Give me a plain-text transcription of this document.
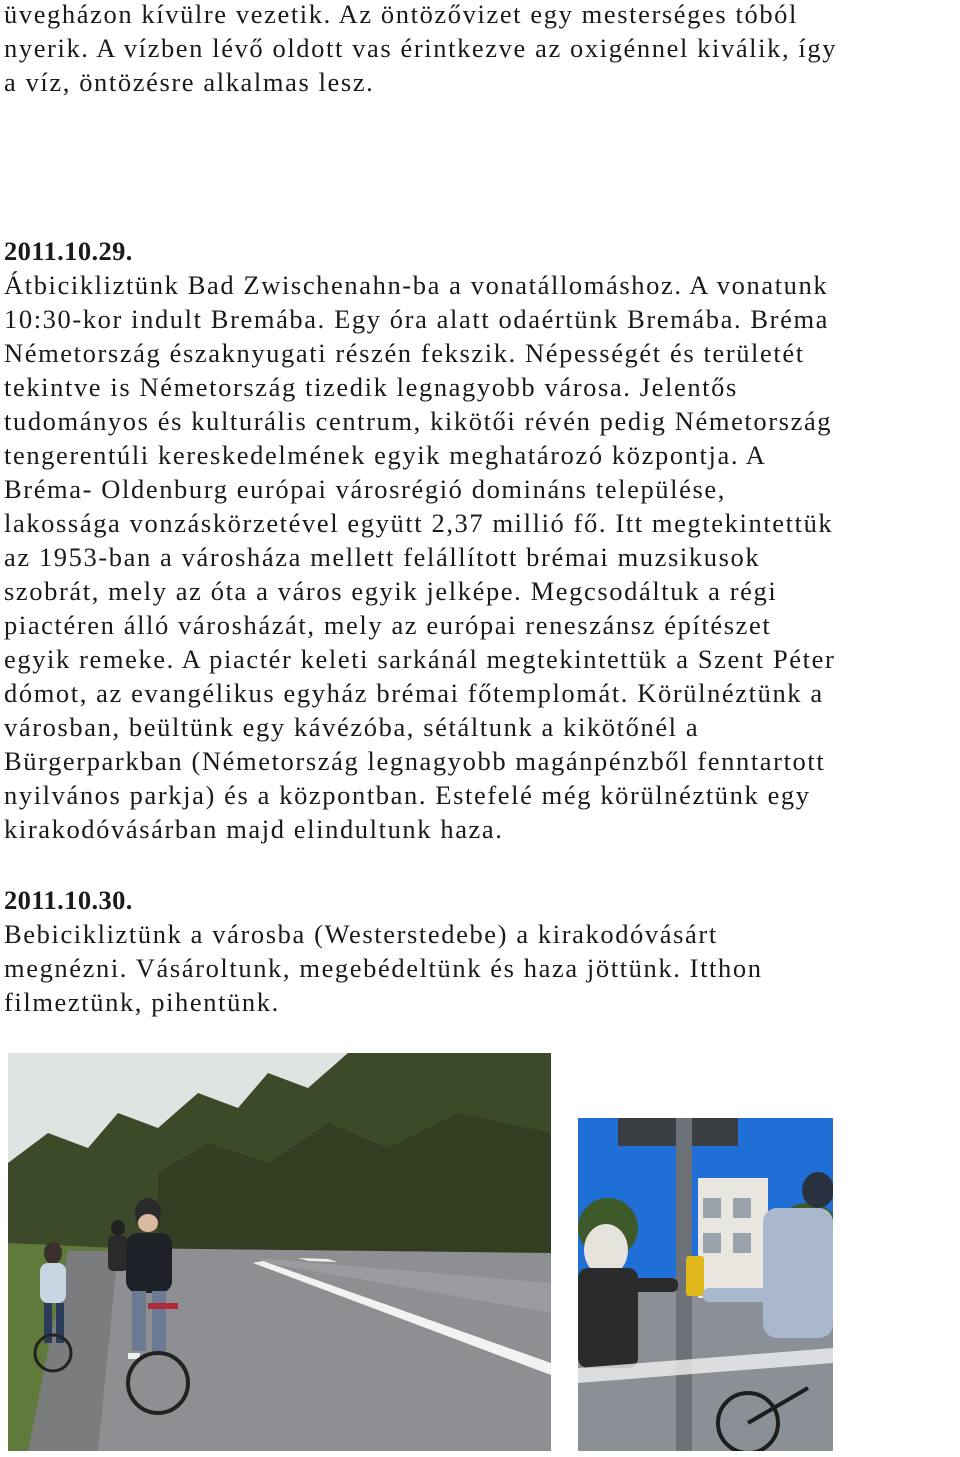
üvegházon kívülre vezetik. Az öntözővizet egy mesterséges tóból
nyerik. A vízben lévő oldott vas érintkezve az oxigénnel kiválik, így
a víz, öntözésre alkalmas lesz.
2011.10.29.
Átbicikliztünk Bad Zwischenahn-ba a vonatállomáshoz. A vonatunk
10:30-kor indult Bremába. Egy óra alatt odaértünk Bremába. Bréma
Németország északnyugati részén fekszik. Népességét és területét
tekintve is Németország tizedik legnagyobb városa. Jelentős
tudományos és kulturális centrum, kikötői révén pedig Németország
tengerentúli kereskedelmének egyik meghatározó központja. A
Bréma- Oldenburg európai városrégió domináns települése,
lakossága vonzáskörzetével együtt 2,37 millió fő. Itt megtekintettük
az 1953-ban a városháza mellett felállított brémai muzsikusok
szobrát, mely az óta a város egyik jelképe. Megcsodáltuk a régi
piactéren álló városházát, mely az európai reneszánsz építészet
egyik remeke. A piactér keleti sarkánál megtekintettük a Szent Péter
dómot, az evangélikus egyház brémai főtemplomát. Körülnéztünk a
városban, beültünk egy kávézóba, sétáltunk a kikötőnél a
Bürgerparkban (Németország legnagyobb magánpénzből fenntartott
nyilvános parkja) és a központban. Estefelé még körülnéztünk egy
kirakodóvásárban majd elindultunk haza.
2011.10.30.
Bebicikliztünk a városba (Westerstedebe) a kirakodóvásárt
megnézni. Vásároltunk, megebédeltünk és haza jöttünk. Itthon
filmeztünk, pihentünk.
